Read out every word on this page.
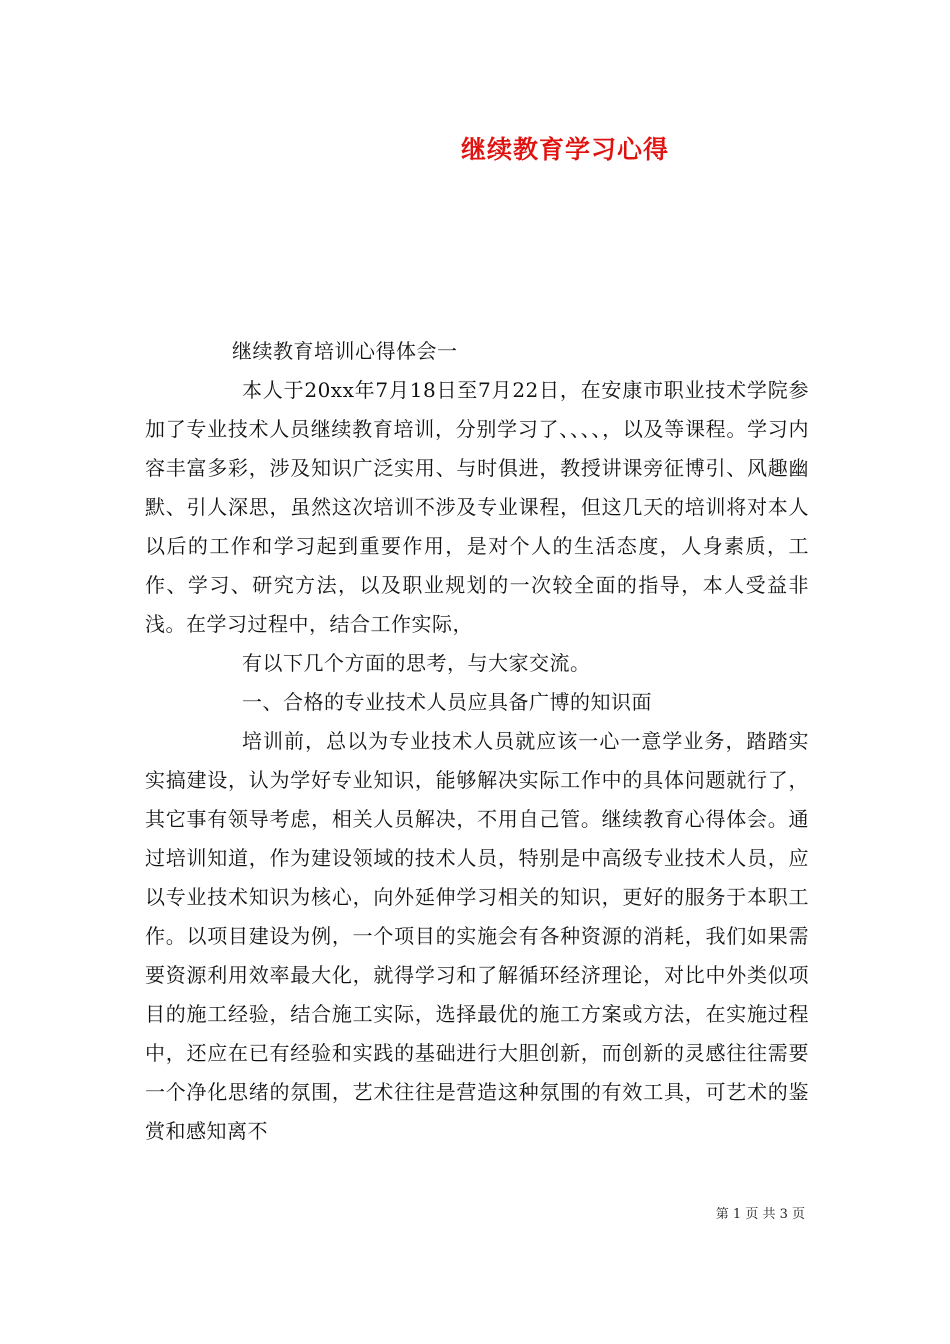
继续教育学习心得

继续教育培训心得体会一

本人于20xx年7月18日至7月22日，在安康市职业技术学院参加了专业技术人员继续教育培训，分别学习了、、、、，以及等课程。学习内容丰富多彩，涉及知识广泛实用、与时俱进，教授讲课旁征博引、风趣幽默、引人深思，虽然这次培训不涉及专业课程，但这几天的培训将对本人以后的工作和学习起到重要作用，是对个人的生活态度，人身素质，工作、学习、研究方法，以及职业规划的一次较全面的指导，本人受益非浅。在学习过程中，结合工作实际，

有以下几个方面的思考，与大家交流。

一、合格的专业技术人员应具备广博的知识面

培训前，总以为专业技术人员就应该一心一意学业务，踏踏实实搞建设，认为学好专业知识，能够解决实际工作中的具体问题就行了，其它事有领导考虑，相关人员解决，不用自己管。继续教育心得体会。通过培训知道，作为建设领域的技术人员，特别是中高级专业技术人员，应以专业技术知识为核心，向外延伸学习相关的知识，更好的服务于本职工作。以项目建设为例，一个项目的实施会有各种资源的消耗，我们如果需要资源利用效率最大化，就得学习和了解循环经济理论，对比中外类似项目的施工经验，结合施工实际，选择最优的施工方案或方法，在实施过程中，还应在已有经验和实践的基础进行大胆创新，而创新的灵感往往需要一个净化思绪的氛围，艺术往往是营造这种氛围的有效工具，可艺术的鉴赏和感知离不

第 1 页 共 3 页
